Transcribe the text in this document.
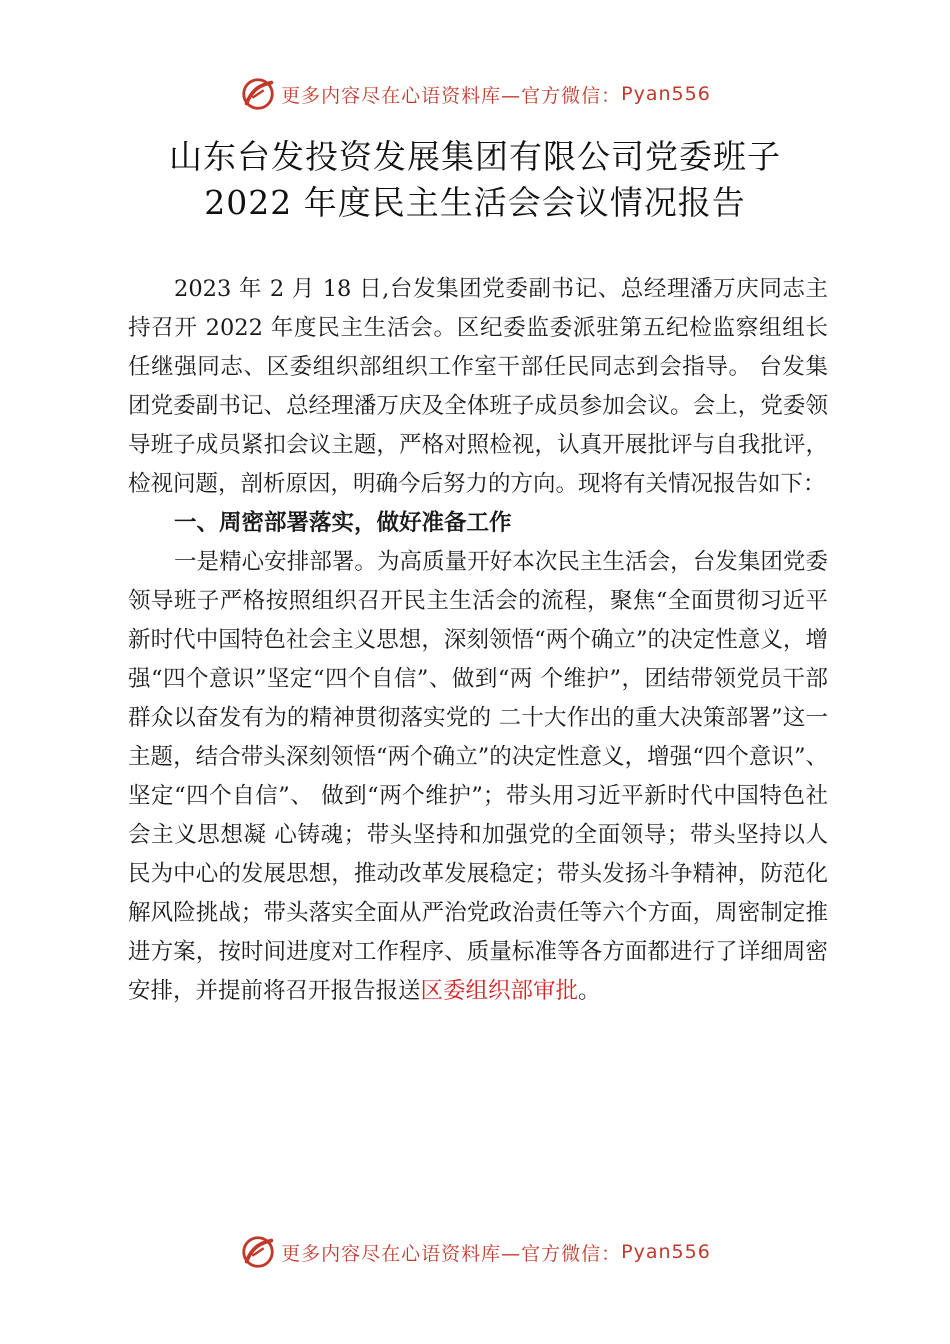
更多内容尽在心语资料库—官方微信： Pyan556
山东台发投资发展集团有限公司党委班子
2022 年度民主生活会会议情况报告

2023 年 2 月 18 日,台发集团党委副书记、总经理潘万庆同志主持召开 2022 年度民主生活会。区纪委监委派驻第五纪检监察组组长任继强同志、区委组织部组织工作室干部任民同志到会指导。 台发集团党委副书记、总经理潘万庆及全体班子成员参加会议。会上，党委领导班子成员紧扣会议主题，严格对照检视，认真开展批评与自我批评，检视问题，剖析原因，明确今后努力的方向。现将有关情况报告如下：

一、周密部署落实，做好准备工作

一是精心安排部署。为高质量开好本次民主生活会，台发集团党委领导班子严格按照组织召开民主生活会的流程，聚焦“全面贯彻习近平新时代中国特色社会主义思想，深刻领悟“两个确立”的决定性意义，增强“四个意识”坚定“四个自信”、做到“两 个维护”，团结带领党员干部群众以奋发有为的精神贯彻落实党的 二十大作出的重大决策部署”这一主题，结合带头深刻领悟“两个确立”的决定性意义，增强“四个意识”、坚定“四个自信”、 做到“两个维护”；带头用习近平新时代中国特色社会主义思想凝 心铸魂；带头坚持和加强党的全面领导；带头坚持以人民为中心的发展思想，推动改革发展稳定；带头发扬斗争精神，防范化解风险挑战；带头落实全面从严治党政治责任等六个方面，周密制定推进方案，按时间进度对工作程序、质量标准等各方面都进行了详细周密安排，并提前将召开报告报送区委组织部审批。

更多内容尽在心语资料库—官方微信： Pyan556
